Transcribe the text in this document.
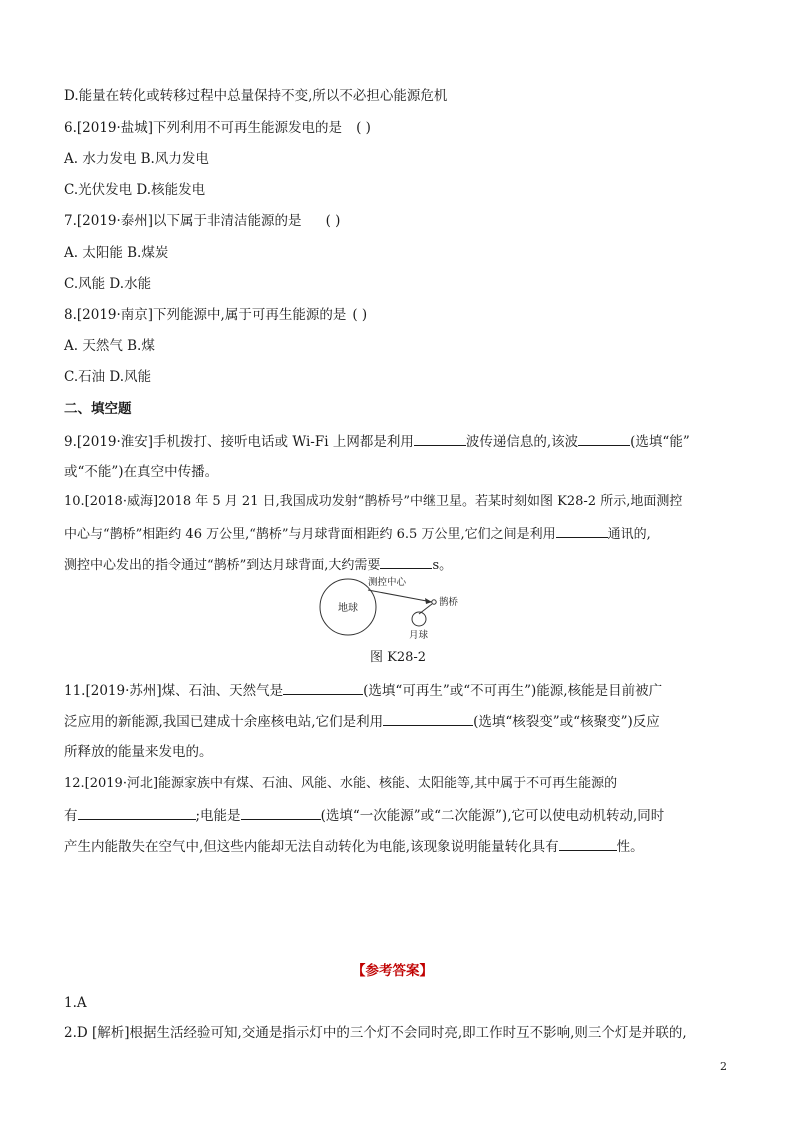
D.能量在转化或转移过程中总量保持不变,所以不必担心能源危机
6.[2019·盐城]下列利用不可再生能源发电的是 ( )
A. 水力发电 B.风力发电
C.光伏发电 D.核能发电
7.[2019·泰州]以下属于非清洁能源的是 ( )
A. 太阳能 B.煤炭
C.风能 D.水能
8.[2019·南京]下列能源中,属于可再生能源的是 ( )
A. 天然气 B.煤
C.石油 D.风能
二、填空题
9.[2019·淮安]手机拨打、接听电话或 Wi-Fi 上网都是利用	波传递信息的,该波	(选填“能”
或“不能”)在真空中传播。
10.[2018·威海]2018 年 5 月 21 日,我国成功发射“鹊桥号”中继卫星。若某时刻如图 K28-2 所示,地面测控
中心与“鹊桥”相距约 46 万公里,“鹊桥”与月球背面相距约 6.5 万公里,它们之间是利用	通讯的,
测控中心发出的指令通过“鹊桥”到达月球背面,大约需要	s。
地球
测控中心
鹊桥
月球
图 K28-2
11.[2019·苏州]煤、石油、天然气是	(选填“可再生”或“不可再生”)能源,核能是目前被广
泛应用的新能源,我国已建成十余座核电站,它们是利用	(选填“核裂变”或“核聚变”)反应
所释放的能量来发电的。
12.[2019·河北]能源家族中有煤、石油、风能、水能、核能、太阳能等,其中属于不可再生能源的
有	;电能是	(选填“一次能源”或“二次能源”),它可以使电动机转动,同时
产生内能散失在空气中,但这些内能却无法自动转化为电能,该现象说明能量转化具有	性。
【参考答案】
1.A
2.D [解析]根据生活经验可知,交通是指示灯中的三个灯不会同时亮,即工作时互不影响,则三个灯是并联的,
2
